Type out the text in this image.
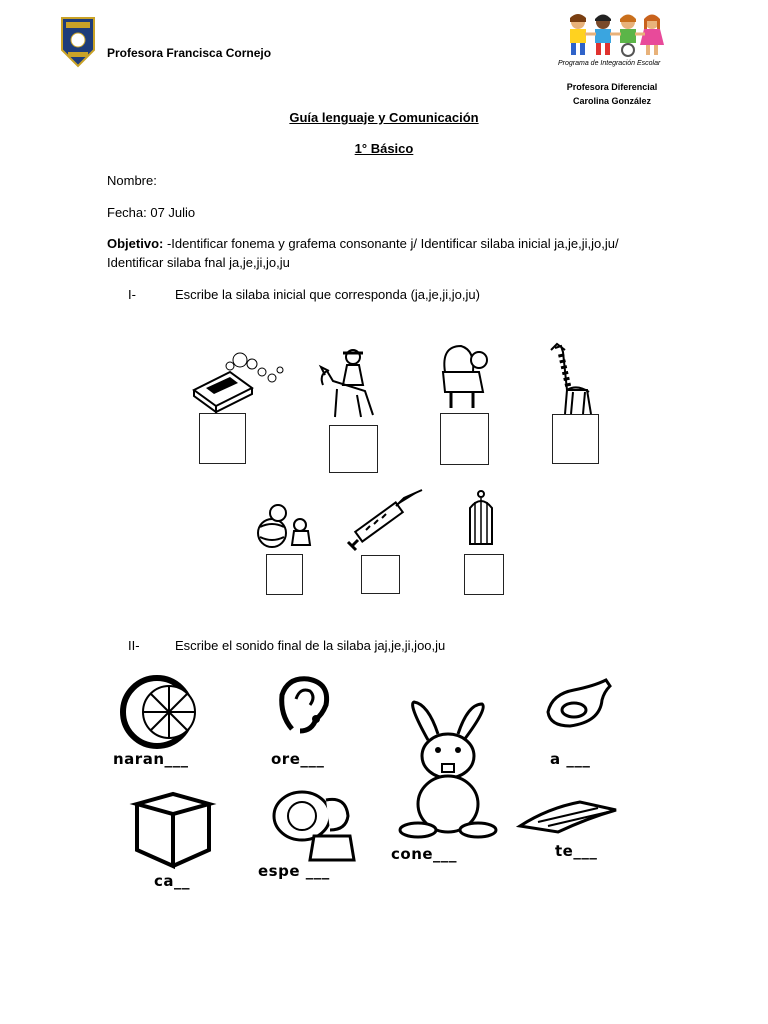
Profesora Francisca Cornejo
Programa de Integración Escolar
Profesora Diferencial
Carolina González
Guía lenguaje y Comunicación
1° Básico
Nombre:
Fecha: 07 Julio
Objetivo: -Identificar fonema y grafema consonante j/ Identificar silaba inicial ja,je,ji,jo,ju/
Identificar silaba fnal ja,je,ji,jo,ju
I-	Escribe la silaba inicial que corresponda (ja,je,ji,jo,ju)
II-	Escribe el sonido final de la silaba jaj,je,ji,joo,ju
naran___	ore___	a ___
cone___
ca__
espe ___
te___
